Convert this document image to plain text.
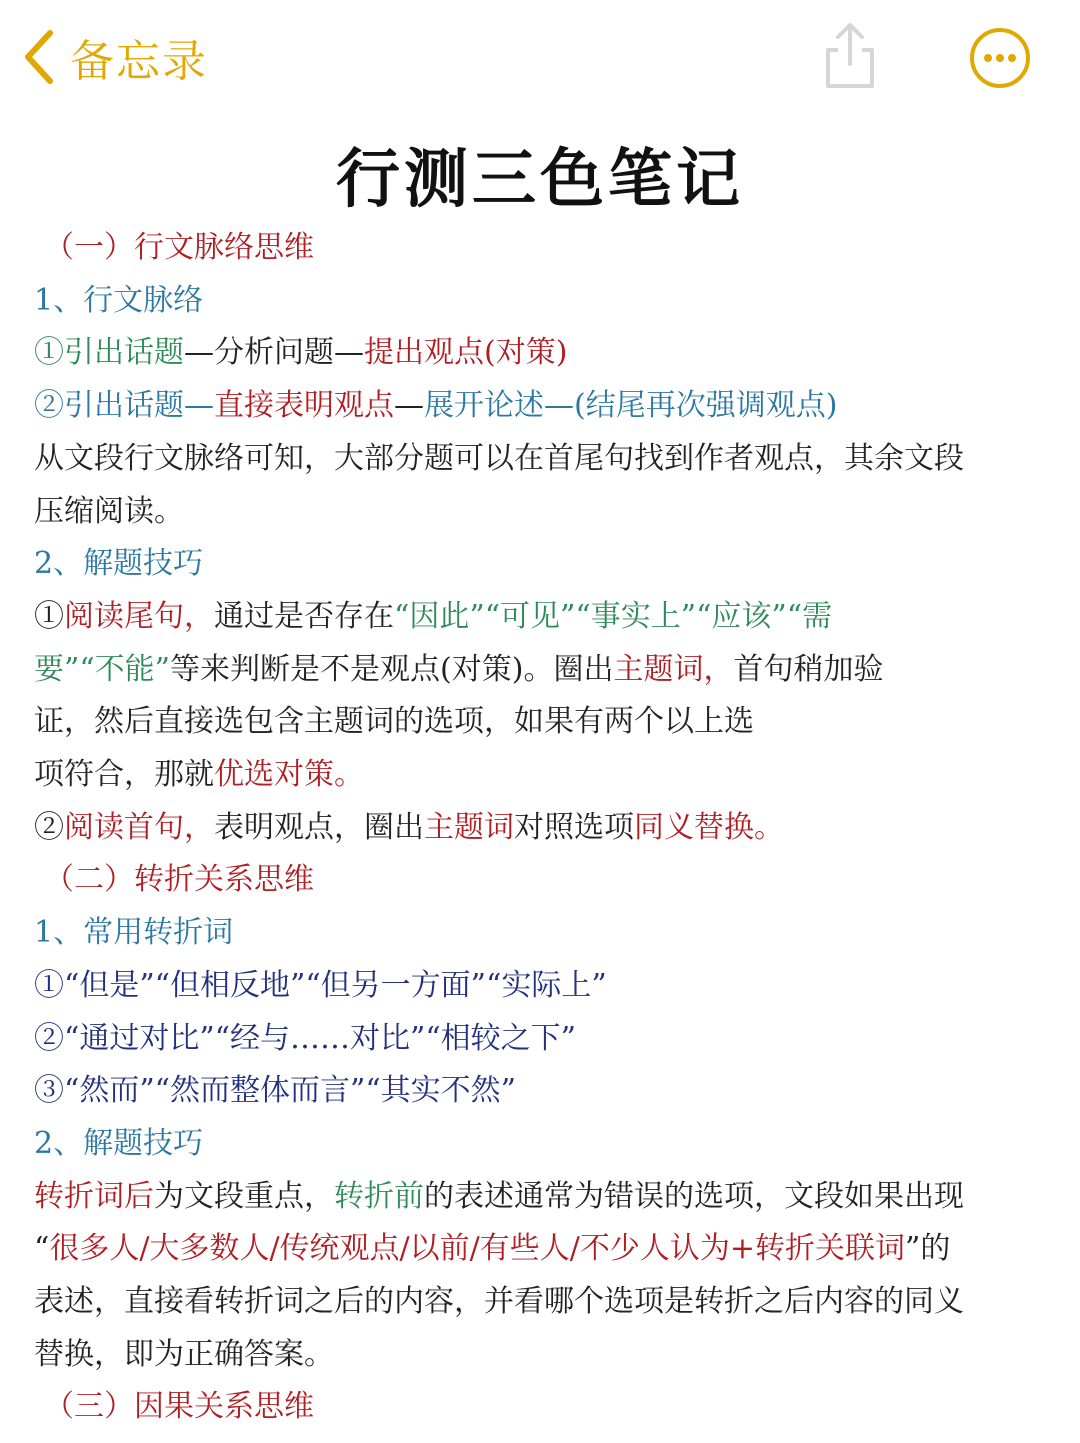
备忘录
行测三色笔记
（一）行文脉络思维
1、行文脉络
①引出话题—分析问题—提出观点(对策)
②引出话题—直接表明观点—展开论述—(结尾再次强调观点)
从文段行文脉络可知，大部分题可以在首尾句找到作者观点，其余文段
压缩阅读。
2、解题技巧
①阅读尾句，通过是否存在“因此”“可见”“事实上”“应该”“需
要”“不能”等来判断是不是观点(对策)。圈出主题词，首句稍加验
证，然后直接选包含主题词的选项，如果有两个以上选
项符合，那就优选对策。
②阅读首句，表明观点，圈出主题词对照选项同义替换。
（二）转折关系思维
1、常用转折词
①“但是”“但相反地”“但另一方面”“实际上”
②“通过对比”“经与……对比”“相较之下”
③“然而”“然而整体而言”“其实不然”
2、解题技巧
转折词后为文段重点，转折前的表述通常为错误的选项，文段如果出现
“很多人/大多数人/传统观点/以前/有些人/不少人认为+转折关联词”的
表述，直接看转折词之后的内容，并看哪个选项是转折之后内容的同义
替换，即为正确答案。
（三）因果关系思维
